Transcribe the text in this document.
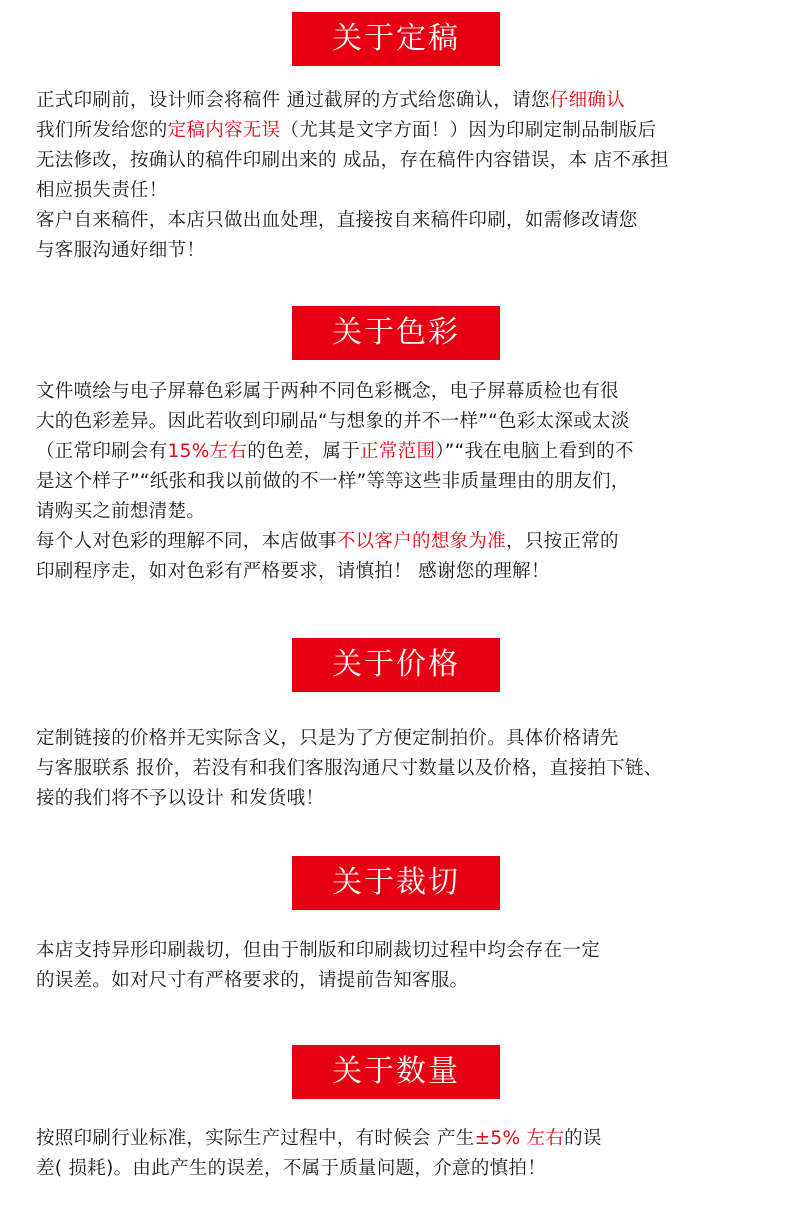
关于定稿
正式印刷前，设计师会将稿件 通过截屏的方式给您确认，请您仔细确认
我们所发给您的定稿内容无误（尤其是文字方面！）因为印刷定制品制版后
无法修改，按确认的稿件印刷出来的 成品，存在稿件内容错误，本 店不承担
相应损失责任！
客户自来稿件，本店只做出血处理，直接按自来稿件印刷，如需修改请您
与客服沟通好细节！
关于色彩
文件喷绘与电子屏幕色彩属于两种不同色彩概念，电子屏幕质检也有很
大的色彩差异。因此若收到印刷品“与想象的并不一样”“色彩太深或太淡
（正常印刷会有15%左右的色差，属于正常范围）”“我在电脑上看到的不
是这个样子”“纸张和我以前做的不一样”等等这些非质量理由的朋友们，
请购买之前想清楚。
每个人对色彩的理解不同，本店做事不以客户的想象为准，只按正常的
印刷程序走，如对色彩有严格要求，请慎拍！ 感谢您的理解！
关于价格
定制链接的价格并无实际含义，只是为了方便定制拍价。具体价格请先
与客服联系 报价，若没有和我们客服沟通尺寸数量以及价格，直接拍下链、
接的我们将不予以设计 和发货哦！
关于裁切
本店支持异形印刷裁切，但由于制版和印刷裁切过程中均会存在一定
的误差。如对尺寸有严格要求的，请提前告知客服。
关于数量
按照印刷行业标准，实际生产过程中，有时候会 产生±5% 左右的误
差( 损耗)。由此产生的误差，不属于质量问题，介意的慎拍！
